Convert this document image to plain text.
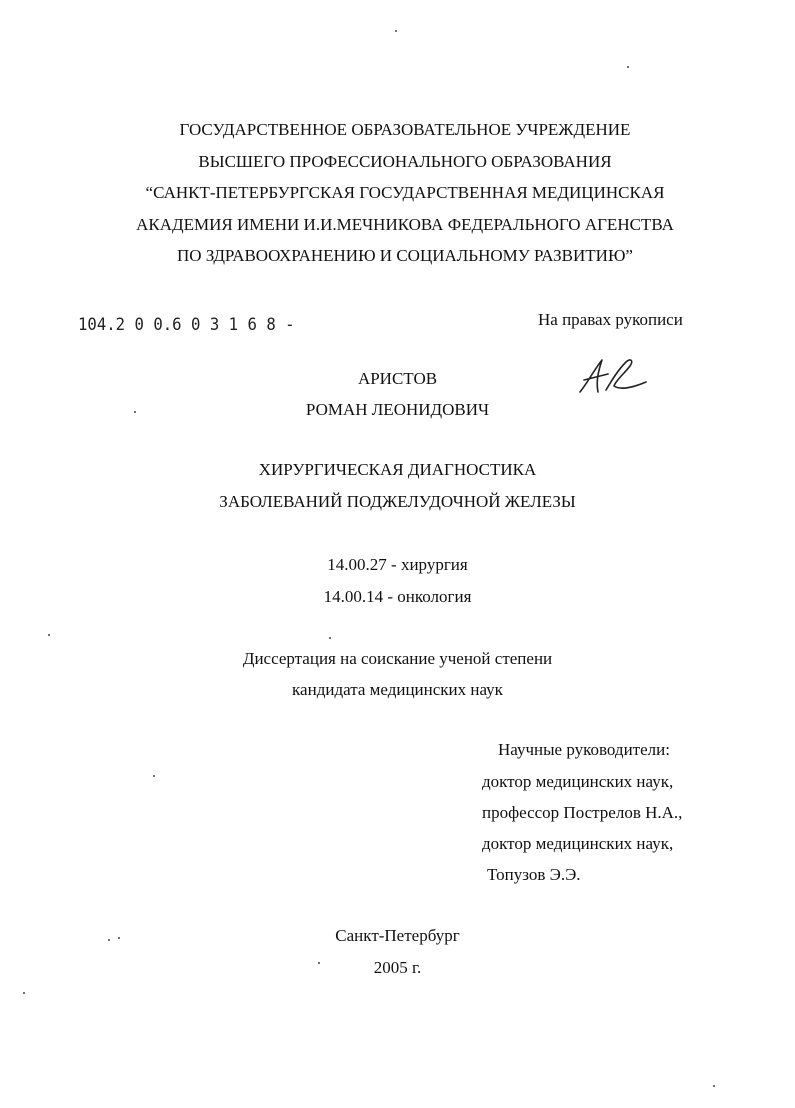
ГОСУДАРСТВЕННОЕ ОБРАЗОВАТЕЛЬНОЕ УЧРЕЖДЕНИЕ
ВЫСШЕГО ПРОФЕССИОНАЛЬНОГО ОБРАЗОВАНИЯ
“САНКТ-ПЕТЕРБУРГСКАЯ ГОСУДАРСТВЕННАЯ МЕДИЦИНСКАЯ
АКАДЕМИЯ ИМЕНИ И.И.МЕЧНИКОВА ФЕДЕРАЛЬНОГО АГЕНСТВА
ПО ЗДРАВООХРАНЕНИЮ И СОЦИАЛЬНОМУ РАЗВИТИЮ”
104.2 0 0.6 0 3 1 6 8 -	На правах рукописи
АРИСТОВ
РОМАН ЛЕОНИДОВИЧ
ХИРУРГИЧЕСКАЯ ДИАГНОСТИКА
ЗАБОЛЕВАНИЙ ПОДЖЕЛУДОЧНОЙ ЖЕЛЕЗЫ
14.00.27 - хирургия
14.00.14 - онкология
Диссертация на соискание ученой степени
кандидата медицинских наук
Научные руководители:
доктор медицинских наук,
профессор Пострелов Н.А.,
доктор медицинских наук,
Топузов Э.Э.
Санкт-Петербург
2005 г.
